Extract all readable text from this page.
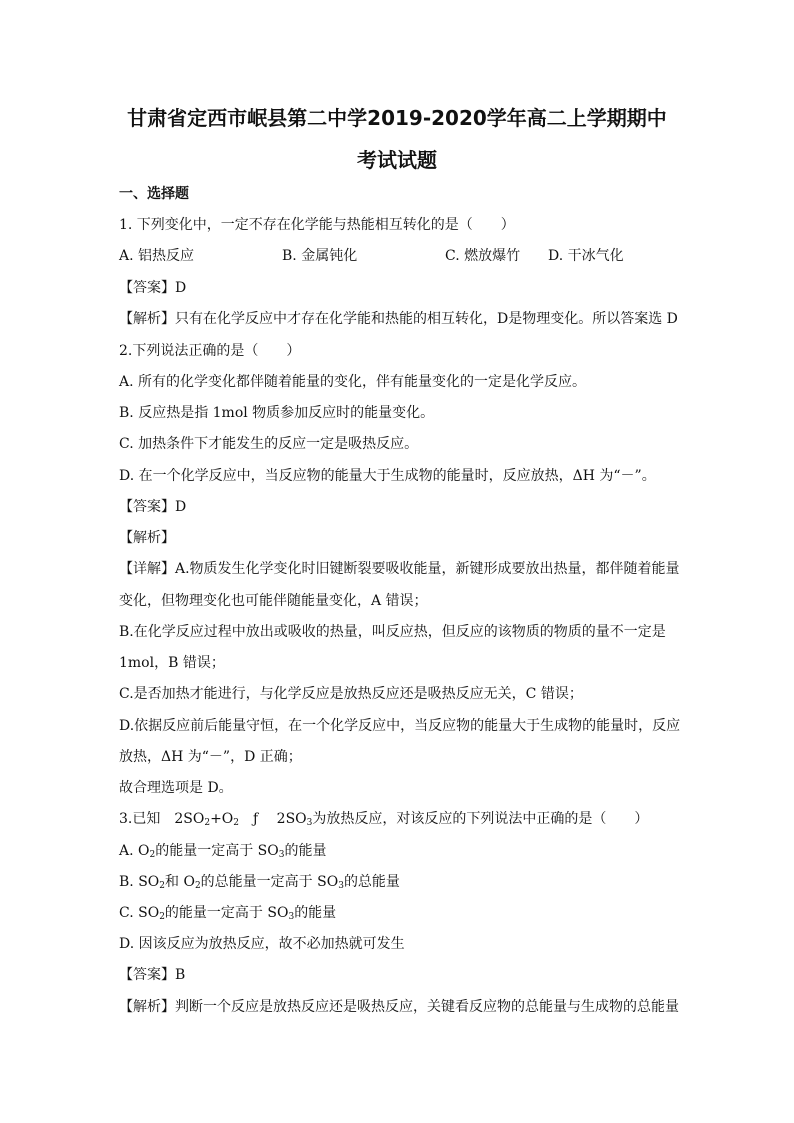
甘肃省定西市岷县第二中学2019-2020学年高二上学期期中
考试试题
一、选择题
1. 下列变化中，一定不存在化学能与热能相互转化的是（　　）
A. 铝热反应	B. 金属钝化	C. 燃放爆竹 D. 干冰气化
【答案】D
【解析】只有在化学反应中才存在化学能和热能的相互转化，D是物理变化。所以答案选 D
2.下列说法正确的是（　　）
A. 所有的化学变化都伴随着能量的变化，伴有能量变化的一定是化学反应。
B. 反应热是指 1mol 物质参加反应时的能量变化。
C. 加热条件下才能发生的反应一定是吸热反应。
D. 在一个化学反应中，当反应物的能量大于生成物的能量时，反应放热，ΔH 为“－”。
【答案】D
【解析】
【详解】A.物质发生化学变化时旧键断裂要吸收能量，新键形成要放出热量，都伴随着能量
变化，但物理变化也可能伴随能量变化，A 错误；
B.在化学反应过程中放出或吸收的热量，叫反应热，但反应的该物质的物质的量不一定是
1mol，B 错误；
C.是否加热才能进行，与化学反应是放热反应还是吸热反应无关，C 错误；
D.依据反应前后能量守恒，在一个化学反应中，当反应物的能量大于生成物的能量时，反应
放热，ΔH 为“－”，D 正确；
故合理选项是 D。
3.已知　$2SO_2+O_2$　ƒ　 $2SO_3$为放热反应，对该反应的下列说法中正确的是（　　）
A. $O_2$的能量一定高于 $SO_3$的能量
B. $SO_2$和 $O_2$的总能量一定高于 $SO_3$的总能量
C. $SO_2$的能量一定高于 $SO_3$的能量
D. 因该反应为放热反应，故不必加热就可发生
【答案】B
【解析】判断一个反应是放热反应还是吸热反应，关键看反应物的总能量与生成物的总能量
